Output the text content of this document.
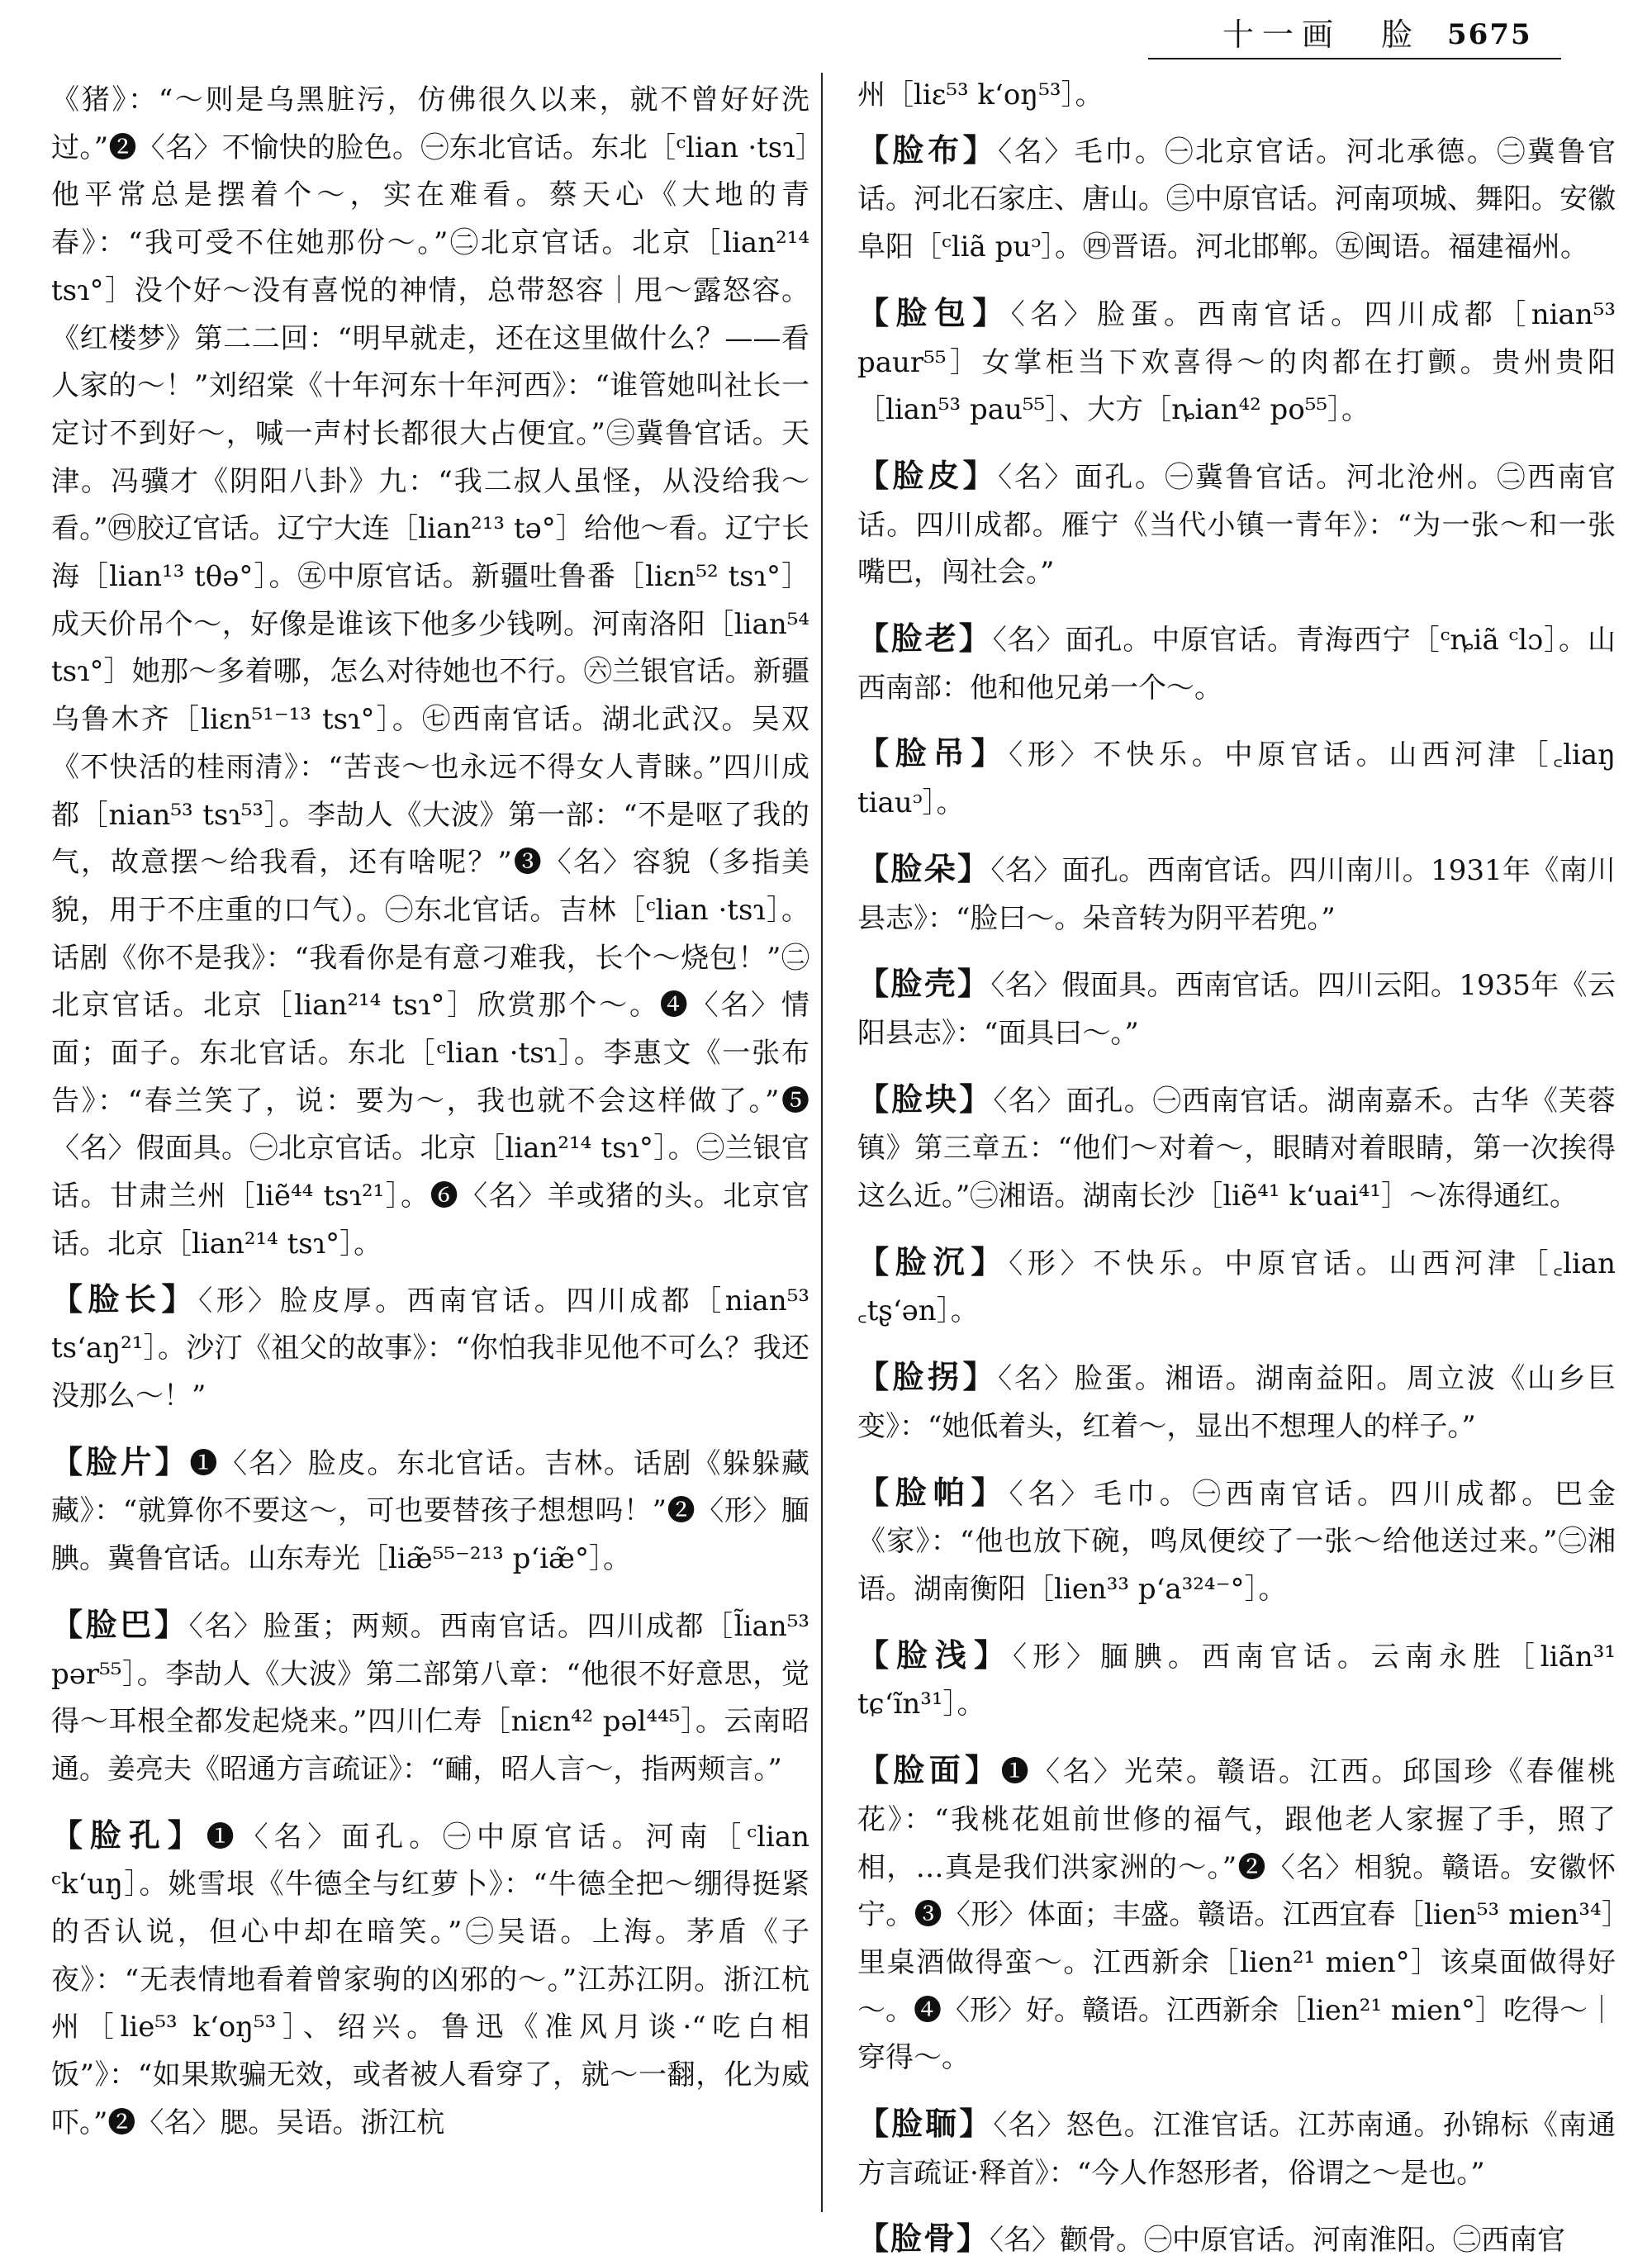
十一画　脸 5675

《猪》：“～则是乌黑脏污，仿佛很久以来，就不曾好好洗过。”❷〈名〉不愉快的脸色。㊀东北官话。东北［ᶜlian ·tsɿ］他平常总是摆着个～，实在难看。蔡天心《大地的青春》：“我可受不住她那份～。”㊁北京官话。北京［lian²¹⁴ tsɿ°］没个好～没有喜悦的神情，总带怒容｜甩～露怒容。《红楼梦》第二二回：“明早就走，还在这里做什么？——看人家的～！”刘绍棠《十年河东十年河西》：“谁管她叫社长一定讨不到好～，喊一声村长都很大占便宜。”㊂冀鲁官话。天津。冯骥才《阴阳八卦》九：“我二叔人虽怪，从没给我～看。”㊃胶辽官话。辽宁大连［lian²¹³ tə°］给他～看。辽宁长海［lian¹³ tθə°］。㊄中原官话。新疆吐鲁番［liɛn⁵² tsɿ°］成天价吊个～，好像是谁该下他多少钱咧。河南洛阳［lian⁵⁴ tsɿ°］她那～多着哪，怎么对待她也不行。㊅兰银官话。新疆乌鲁木齐［liɛn⁵¹⁻¹³ tsɿ°］。㊆西南官话。湖北武汉。吴双《不快活的桂雨清》：“苦丧～也永远不得女人青睐。”四川成都［nian⁵³ tsɿ⁵³］。李劼人《大波》第一部：“不是呕了我的气，故意摆～给我看，还有啥呢？”❸〈名〉容貌（多指美貌，用于不庄重的口气）。㊀东北官话。吉林［ᶜlian ·tsɿ］。话剧《你不是我》：“我看你是有意刁难我，长个～烧包！”㊁北京官话。北京［lian²¹⁴ tsɿ°］欣赏那个～。❹〈名〉情面；面子。东北官话。东北［ᶜlian ·tsɿ］。李惠文《一张布告》：“春兰笑了，说：要为～，我也就不会这样做了。”❺〈名〉假面具。㊀北京官话。北京［lian²¹⁴ tsɿ°］。㊁兰银官话。甘肃兰州［liẽ⁴⁴ tsɿ²¹］。❻〈名〉羊或猪的头。北京官话。北京［lian²¹⁴ tsɿ°］。

【脸长】〈形〉脸皮厚。西南官话。四川成都［nian⁵³ tsʻaŋ²¹］。沙汀《祖父的故事》：“你怕我非见他不可么？我还没那么～！”

【脸片】❶〈名〉脸皮。东北官话。吉林。话剧《躲躲藏藏》：“就算你不要这～，可也要替孩子想想吗！”❷〈形〉腼腆。冀鲁官话。山东寿光［liæ̃⁵⁵⁻²¹³ pʻiæ̃°］。

【脸巴】〈名〉脸蛋；两颊。西南官话。四川成都［l̃ian⁵³ pər⁵⁵］。李劼人《大波》第二部第八章：“他很不好意思，觉得～耳根全都发起烧来。”四川仁寿［niɛn⁴² pəl⁴⁴⁵］。云南昭通。姜亮夫《昭通方言疏证》：“䩉，昭人言～，指两颊言。”

【脸孔】❶〈名〉面孔。㊀中原官话。河南［ᶜlian ᶜkʻuŋ］。姚雪垠《牛德全与红萝卜》：“牛德全把～绷得挺紧的否认说，但心中却在暗笑。”㊁吴语。上海。茅盾《子夜》：“无表情地看着曾家驹的凶邪的～。”江苏江阴。浙江杭州［lie⁵³ kʻoŋ⁵³］、绍兴。鲁迅《准风月谈·“吃白相饭”》：“如果欺骗无效，或者被人看穿了，就～一翻，化为威吓。”❷〈名〉腮。吴语。浙江杭

州［liɛ⁵³ kʻoŋ⁵³］。

【脸布】〈名〉毛巾。㊀北京官话。河北承德。㊁冀鲁官话。河北石家庄、唐山。㊂中原官话。河南项城、舞阳。安徽阜阳［ᶜliã puᵓ］。㊃晋语。河北邯郸。㊄闽语。福建福州。

【脸包】〈名〉脸蛋。西南官话。四川成都［nian⁵³ paur⁵⁵］女掌柜当下欢喜得～的肉都在打颤。贵州贵阳［lian⁵³ pau⁵⁵］、大方［ȵian⁴² po⁵⁵］。

【脸皮】〈名〉面孔。㊀冀鲁官话。河北沧州。㊁西南官话。四川成都。雁宁《当代小镇一青年》：“为一张～和一张嘴巴，闯社会。”

【脸老】〈名〉面孔。中原官话。青海西宁［ᶜȵiã ᶜlɔ］。山西南部：他和他兄弟一个～。

【脸吊】〈形〉不快乐。中原官话。山西河津［꜀liaŋ tiauᵓ］。

【脸朵】〈名〉面孔。西南官话。四川南川。1931年《南川县志》：“脸曰～。朵音转为阴平若兜。”

【脸壳】〈名〉假面具。西南官话。四川云阳。1935年《云阳县志》：“面具曰～。”

【脸块】〈名〉面孔。㊀西南官话。湖南嘉禾。古华《芙蓉镇》第三章五：“他们～对着～，眼睛对着眼睛，第一次挨得这么近。”㊁湘语。湖南长沙［liẽ⁴¹ kʻuai⁴¹］～冻得通红。

【脸沉】〈形〉不快乐。中原官话。山西河津［꜀lian ꜀tʂʻən］。

【脸拐】〈名〉脸蛋。湘语。湖南益阳。周立波《山乡巨变》：“她低着头，红着～，显出不想理人的样子。”

【脸帕】〈名〉毛巾。㊀西南官话。四川成都。巴金《家》：“他也放下碗，鸣凤便绞了一张～给他送过来。”㊁湘语。湖南衡阳［lien³³ pʻa³²⁴⁻°］。

【脸浅】〈形〉腼腆。西南官话。云南永胜［liãn³¹ tɕʻĩn³¹］。

【脸面】❶〈名〉光荣。赣语。江西。邱国珍《春催桃花》：“我桃花姐前世修的福气，跟他老人家握了手，照了相，…真是我们洪家洲的～。”❷〈名〉相貌。赣语。安徽怀宁。❸〈形〉体面；丰盛。赣语。江西宜春［lien⁵³ mien³⁴］里桌酒做得蛮～。江西新余［lien²¹ mien°］该桌面做得好～。❹〈形〉好。赣语。江西新余［lien²¹ mien°］吃得～｜穿得～。

【脸聏】〈名〉怒色。江淮官话。江苏南通。孙锦标《南通方言疏证·释首》：“今人作怒形者，俗谓之～是也。”

【脸骨】〈名〉颧骨。㊀中原官话。河南淮阳。㊁西南官
